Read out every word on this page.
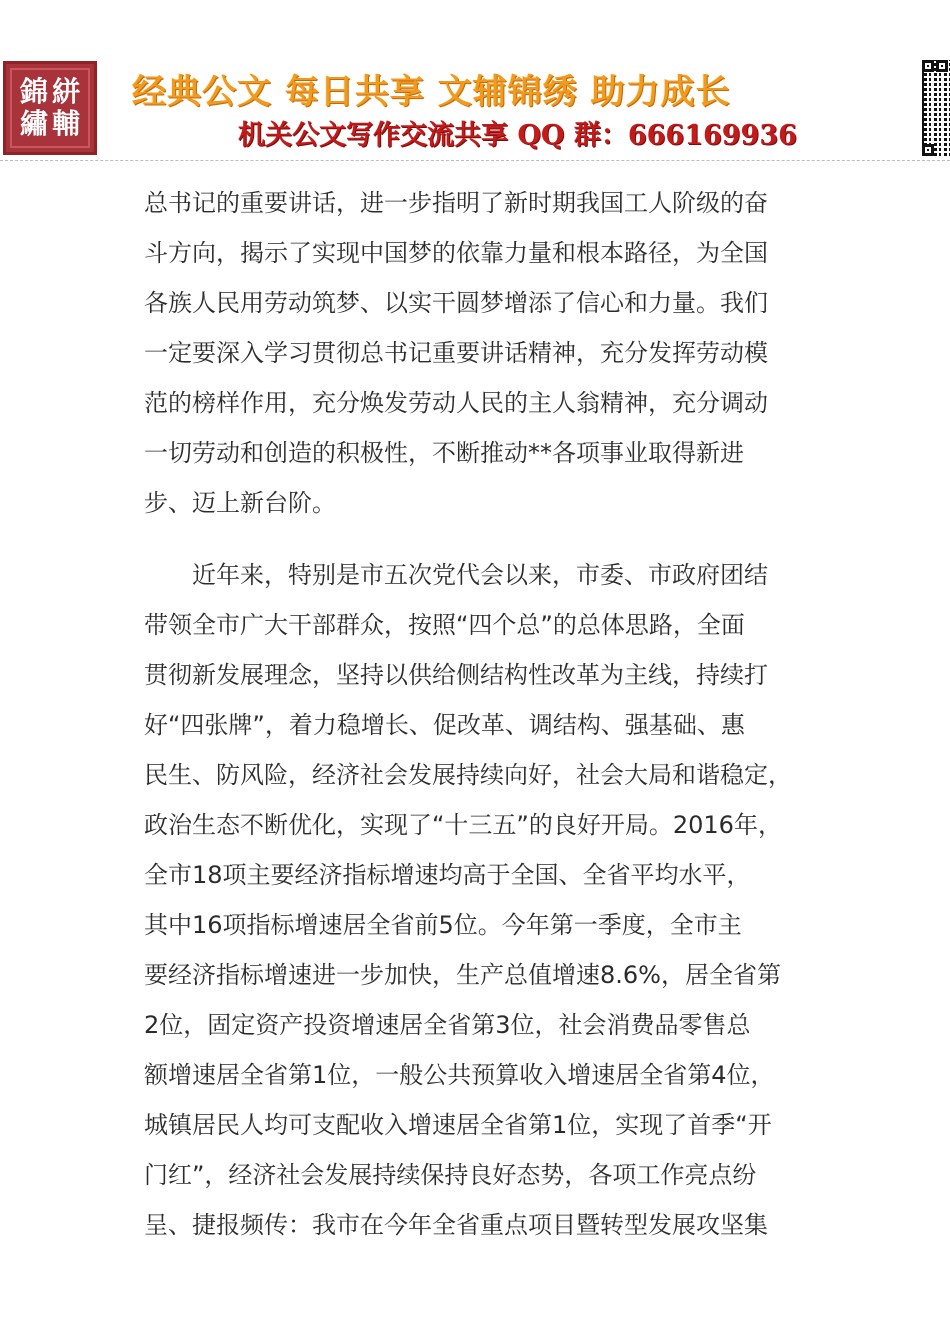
錦 絣
繡 輔
经典公文 每日共享 文辅锦绣 助力成长
机关公文写作交流共享 QQ 群：666169936
总书记的重要讲话，进一步指明了新时期我国工人阶级的奋
斗方向，揭示了实现中国梦的依靠力量和根本路径，为全国
各族人民用劳动筑梦、以实干圆梦增添了信心和力量。我们
一定要深入学习贯彻总书记重要讲话精神，充分发挥劳动模
范的榜样作用，充分焕发劳动人民的主人翁精神，充分调动
一切劳动和创造的积极性，不断推动**各项事业取得新进
步、迈上新台阶。
　　近年来，特别是市五次党代会以来，市委、市政府团结
带领全市广大干部群众，按照“四个总”的总体思路，全面
贯彻新发展理念，坚持以供给侧结构性改革为主线，持续打
好“四张牌”，着力稳增长、促改革、调结构、强基础、惠
民生、防风险，经济社会发展持续向好，社会大局和谐稳定，
政治生态不断优化，实现了“十三五”的良好开局。2016年，
全市18项主要经济指标增速均高于全国、全省平均水平，
其中16项指标增速居全省前5位。今年第一季度，全市主
要经济指标增速进一步加快，生产总值增速8.6%，居全省第
2位，固定资产投资增速居全省第3位，社会消费品零售总
额增速居全省第1位，一般公共预算收入增速居全省第4位，
城镇居民人均可支配收入增速居全省第1位，实现了首季“开
门红”，经济社会发展持续保持良好态势，各项工作亮点纷
呈、捷报频传：我市在今年全省重点项目暨转型发展攻坚集
